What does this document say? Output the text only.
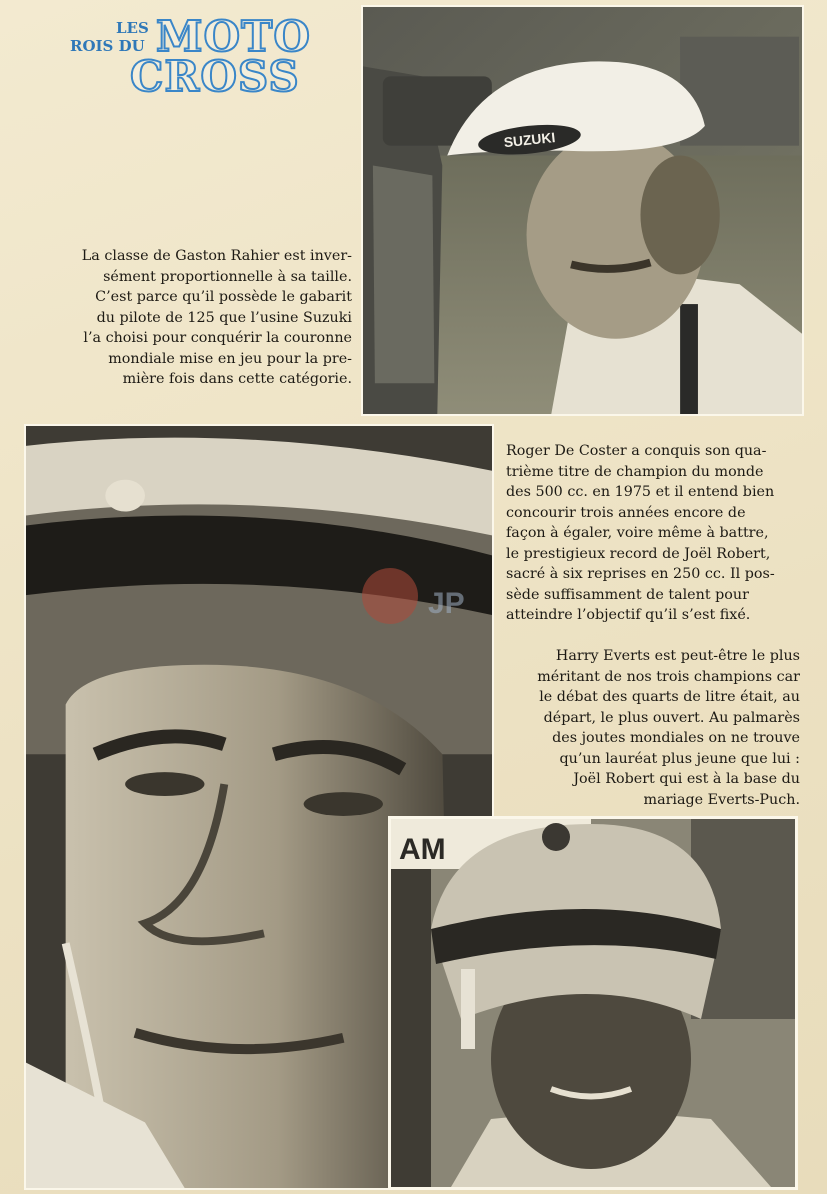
LES
ROIS DU MOTO
CROSS
SUZUKI
La classe de Gaston Rahier est inver-
sément proportionnelle à sa taille.
C’est parce qu’il possède le gabarit
du pilote de 125 que l’usine Suzuki
l’a choisi pour conquérir la couronne
mondiale mise en jeu pour la pre-
mière fois dans cette catégorie.
JP
Roger De Coster a conquis son qua-
trième titre de champion du monde
des 500 cc. en 1975 et il entend bien
concourir trois années encore de
façon à égaler, voire même à battre,
le prestigieux record de Joël Robert,
sacré à six reprises en 250 cc. Il pos-
sède suffisamment de talent pour
atteindre l’objectif qu’il s’est fixé.
Harry Everts est peut-être le plus
méritant de nos trois champions car
le débat des quarts de litre était, au
départ, le plus ouvert. Au palmarès
des joutes mondiales on ne trouve
qu’un lauréat plus jeune que lui :
Joël Robert qui est à la base du
mariage Everts-Puch.
AM
